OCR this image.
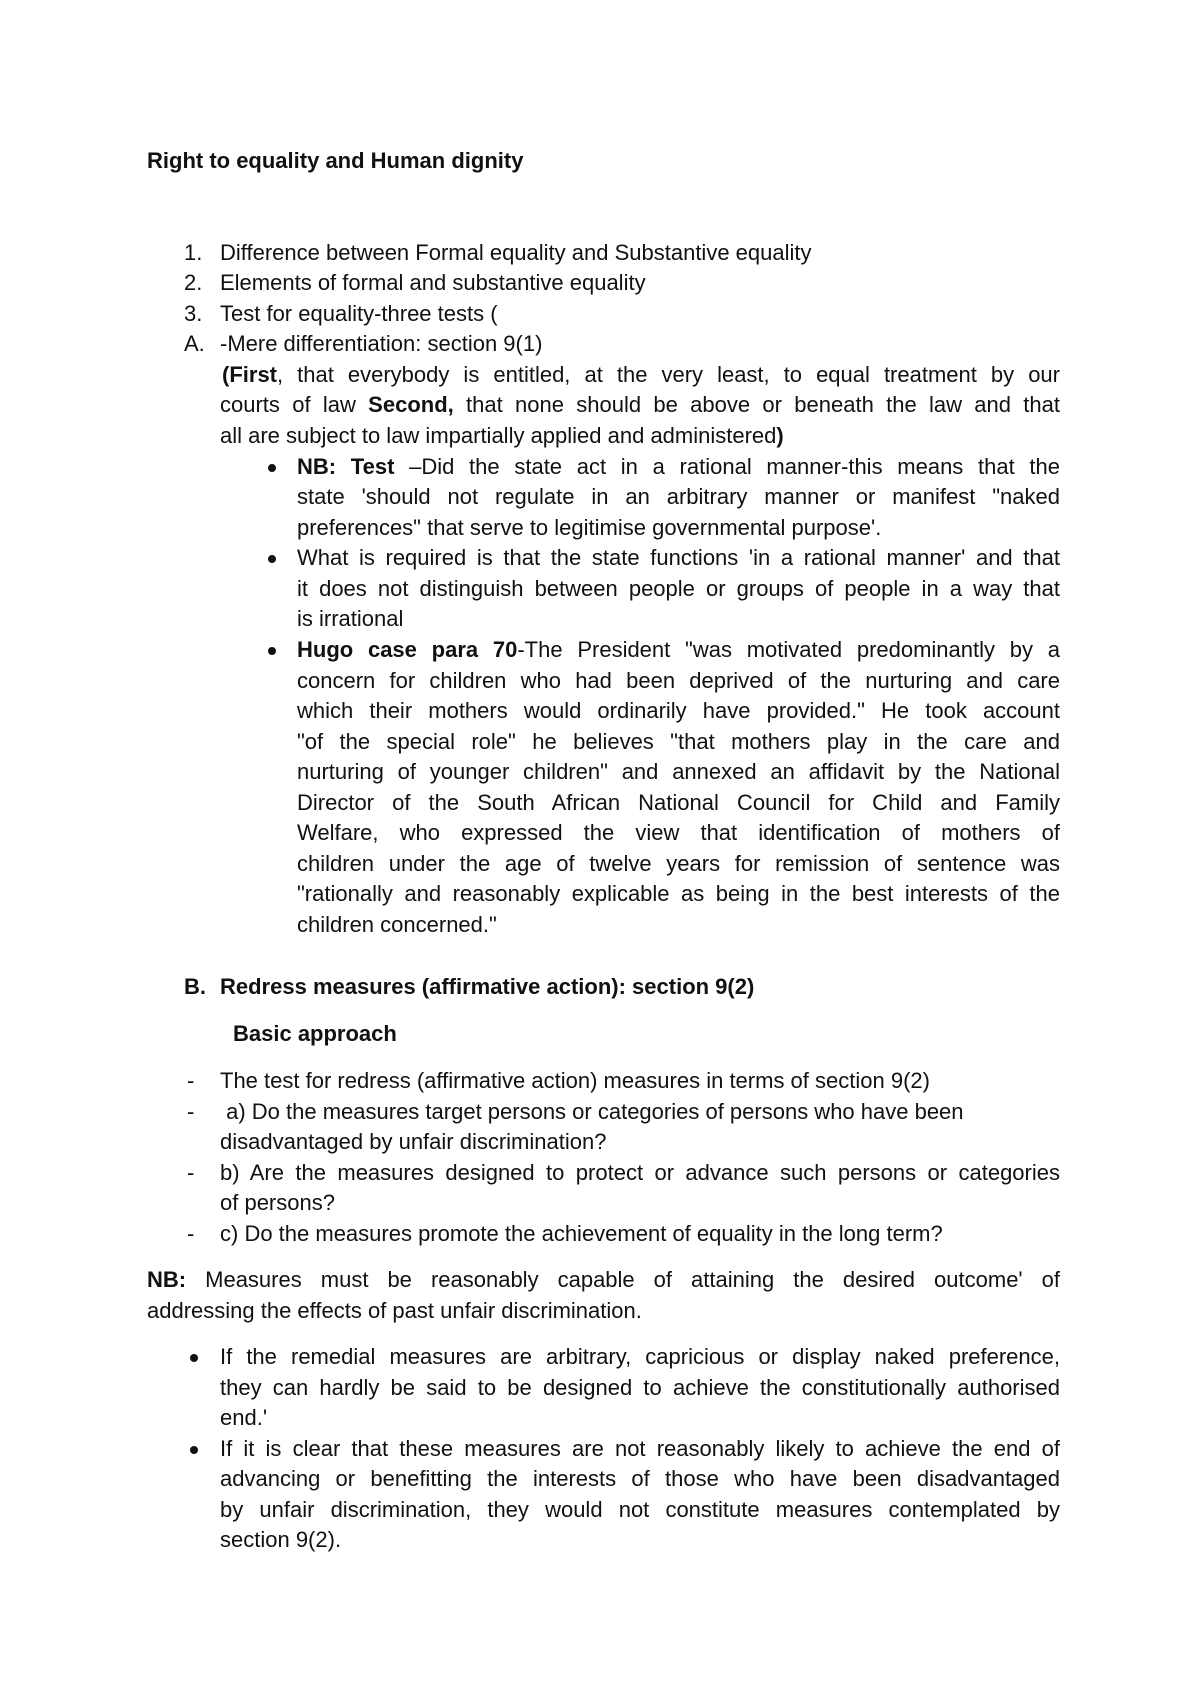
Right to equality and Human dignity
1. Difference between Formal equality and Substantive equality
2. Elements of formal and substantive equality
3. Test for equality-three tests (
A. -Mere differentiation: section 9(1)
(First, that everybody is entitled, at the very least, to equal treatment by our
courts of law Second, that none should be above or beneath the law and that
all are subject to law impartially applied and administered)
NB: Test –Did the state act in a rational manner-this means that the
state 'should not regulate in an arbitrary manner or manifest "naked
preferences" that serve to legitimise governmental purpose'.
What is required is that the state functions 'in a rational manner' and that
it does not distinguish between people or groups of people in a way that
is irrational
Hugo case para 70-The President "was motivated predominantly by a
concern for children who had been deprived of the nurturing and care
which their mothers would ordinarily have provided." He took account
"of the special role" he believes "that mothers play in the care and
nurturing of younger children" and annexed an affidavit by the National
Director of the South African National Council for Child and Family
Welfare, who expressed the view that identification of mothers of
children under the age of twelve years for remission of sentence was
"rationally and reasonably explicable as being in the best interests of the
children concerned."
B. Redress measures (affirmative action): section 9(2)
Basic approach
- The test for redress (affirmative action) measures in terms of section 9(2)
- a) Do the measures target persons or categories of persons who have been
disadvantaged by unfair discrimination?
- b) Are the measures designed to protect or advance such persons or categories
of persons?
- c) Do the measures promote the achievement of equality in the long term?
NB: Measures must be reasonably capable of attaining the desired outcome' of
addressing the effects of past unfair discrimination.
If the remedial measures are arbitrary, capricious or display naked preference,
they can hardly be said to be designed to achieve the constitutionally authorised
end.'
If it is clear that these measures are not reasonably likely to achieve the end of
advancing or benefitting the interests of those who have been disadvantaged
by unfair discrimination, they would not constitute measures contemplated by
section 9(2).
